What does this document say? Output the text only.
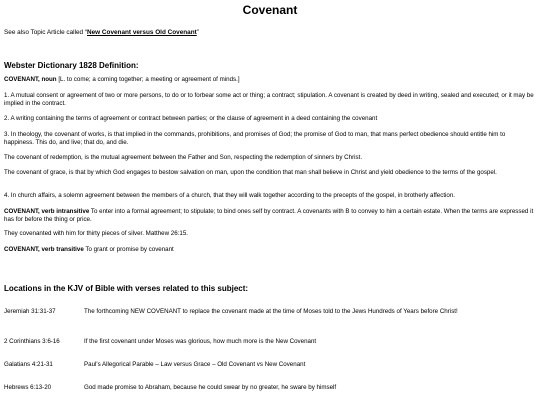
Covenant
See also Topic Article called “New Covenant versus Old Covenant”
Webster Dictionary 1828 Definition:

COVENANT, noun [L. to come; a coming together; a meeting or agreement of minds.]

1. A mutual consent or agreement of two or more persons, to do or to forbear some act or thing; a contract; stipulation. A covenant is created by deed in writing, sealed and executed; or it may be implied in the contract.

2. A writing containing the terms of agreement or contract between parties; or the clause of agreement in a deed containing the covenant

3. In theology, the covenant of works, is that implied in the commands, prohibitions, and promises of God; the promise of God to man, that mans perfect obedience should entitle him to happiness. This do, and live; that do, and die.

The covenant of redemption, is the mutual agreement between the Father and Son, respecting the redemption of sinners by Christ.

The covenant of grace, is that by which God engages to bestow salvation on man, upon the condition that man shall believe in Christ and yield obedience to the terms of the gospel.

4. In church affairs, a solemn agreement between the members of a church, that they will walk together according to the precepts of the gospel, in brotherly affection.

COVENANT, verb intransitive To enter into a formal agreement; to stipulate; to bind ones self by contract. A covenants with B to convey to him a certain estate. When the terms are expressed it has for before the thing or price.

They covenanted with him for thirty pieces of silver. Matthew 26:15.

COVENANT, verb transitive To grant or promise by covenant

Locations in the KJV of Bible with verses related to this subject:
Jeremiah 31:31-37	The forthcoming NEW COVENANT to replace the covenant made at the time of Moses told to the Jews Hundreds of Years before Christ!
2 Corinthians 3:6-16	If the first covenant under Moses was glorious, how much more is the New Covenant
Galatians 4:21-31	Paul's Allegorical Parable – Law versus Grace – Old Covenant vs New Covenant
Hebrews 6:13-20	God made promise to Abraham, because he could swear by no greater, he sware by himself
